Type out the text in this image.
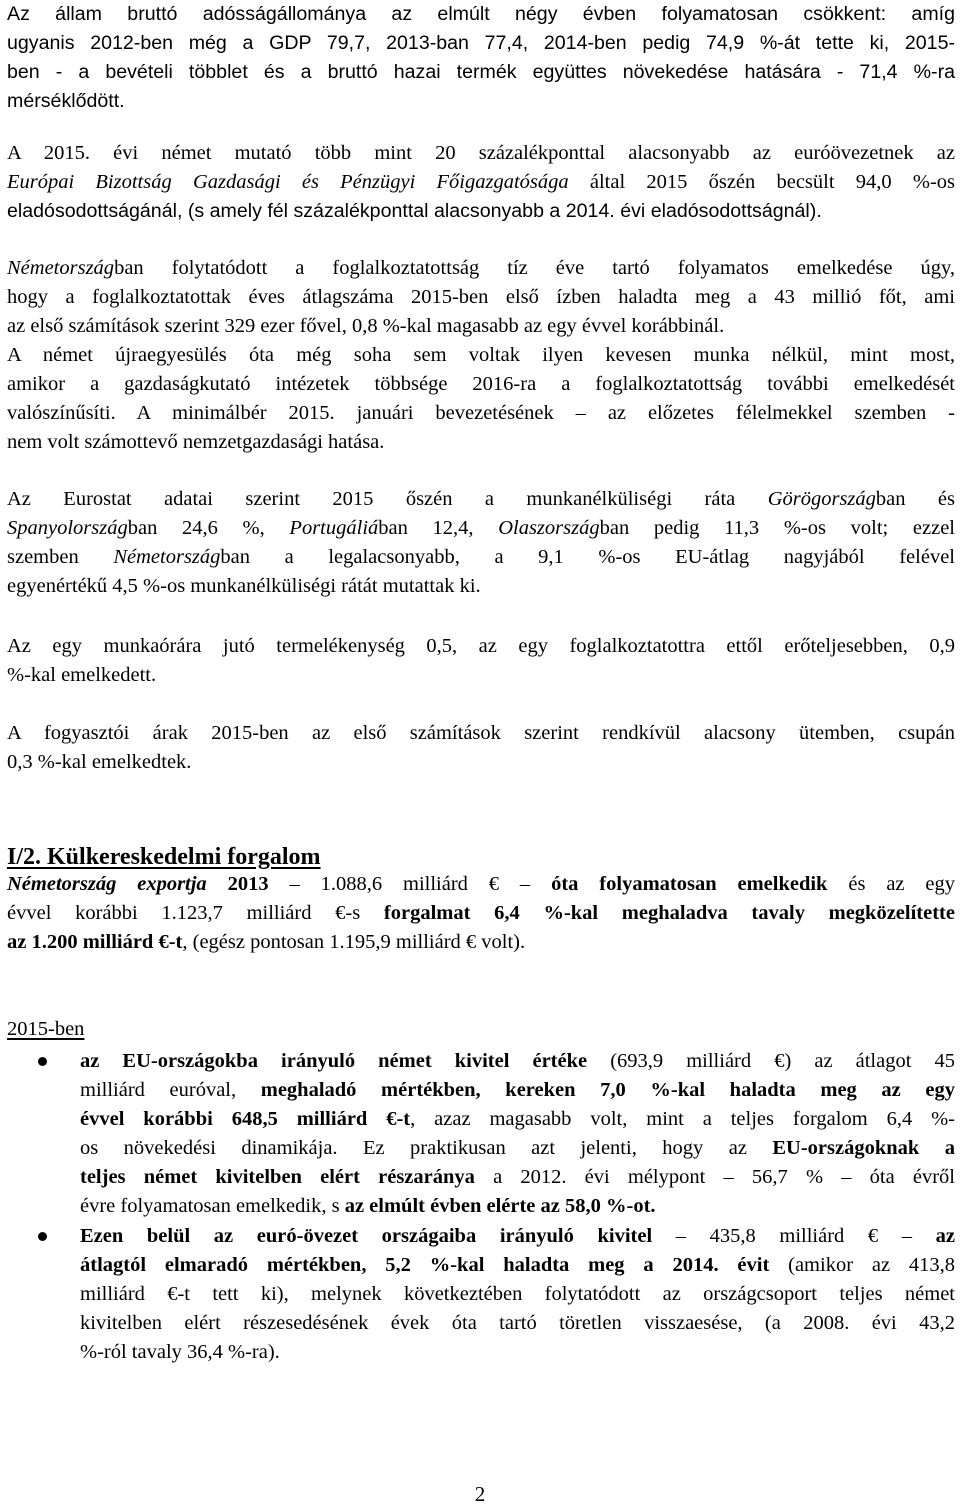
Az állam bruttó adósságállománya az elmúlt négy évben folyamatosan csökkent: amíg
ugyanis 2012-ben még a GDP 79,7, 2013-ban 77,4, 2014-ben pedig 74,9 %-át tette ki, 2015-
ben - a bevételi többlet és a bruttó hazai termék együttes növekedése hatására - 71,4 %-ra
mérséklődött.
A 2015. évi német mutató több mint 20 százalékponttal alacsonyabb az euróövezetnek az
Európai Bizottság Gazdasági és Pénzügyi Főigazgatósága által 2015 őszén becsült 94,0 %-os
eladósodottságánál, (s amely fél százalékponttal alacsonyabb a 2014. évi eladósodottságnál).
Németországban folytatódott a foglalkoztatottság tíz éve tartó folyamatos emelkedése úgy,
hogy a foglalkoztatottak éves átlagszáma 2015-ben első ízben haladta meg a 43 millió főt, ami
az első számítások szerint 329 ezer fővel, 0,8 %-kal magasabb az egy évvel korábbinál.
A német újraegyesülés óta még soha sem voltak ilyen kevesen munka nélkül, mint most,
amikor a gazdaságkutató intézetek többsége 2016-ra a foglalkoztatottság további emelkedését
valószínűsíti. A minimálbér 2015. januári bevezetésének – az előzetes félelmekkel szemben -
nem volt számottevő nemzetgazdasági hatása.
Az Eurostat adatai szerint 2015 őszén a munkanélküliségi ráta Görögországban és
Spanyolországban 24,6 %, Portugáliában 12,4, Olaszországban pedig 11,3 %-os volt; ezzel
szemben Németországban a legalacsonyabb, a 9,1 %-os EU-átlag nagyjából felével
egyenértékű 4,5 %-os munkanélküliségi rátát mutattak ki.
Az egy munkaórára jutó termelékenység 0,5, az egy foglalkoztatottra ettől erőteljesebben, 0,9
%-kal emelkedett.
A fogyasztói árak 2015-ben az első számítások szerint rendkívül alacsony ütemben, csupán
0,3 %-kal emelkedtek.
I/2. Külkereskedelmi forgalom
Németország exportja 2013 – 1.088,6 milliárd € – óta folyamatosan emelkedik és az egy
évvel korábbi 1.123,7 milliárd €-s forgalmat 6,4 %-kal meghaladva tavaly megközelítette
az 1.200 milliárd €-t, (egész pontosan 1.195,9 milliárd € volt).
2015-ben
az EU-országokba irányuló német kivitel értéke (693,9 milliárd €) az átlagot 45
milliárd euróval, meghaladó mértékben, kereken 7,0 %-kal haladta meg az egy
évvel korábbi 648,5 milliárd €-t, azaz magasabb volt, mint a teljes forgalom 6,4 %-
os növekedési dinamikája. Ez praktikusan azt jelenti, hogy az EU-országoknak a
teljes német kivitelben elért részaránya a 2012. évi mélypont – 56,7 % – óta évről
évre folyamatosan emelkedik, s az elmúlt évben elérte az 58,0 %-ot.
Ezen belül az euró-övezet országaiba irányuló kivitel – 435,8 milliárd € – az
átlagtól elmaradó mértékben, 5,2 %-kal haladta meg a 2014. évit (amikor az 413,8
milliárd €-t tett ki), melynek következtében folytatódott az országcsoport teljes német
kivitelben elért részesedésének évek óta tartó töretlen visszaesése, (a 2008. évi 43,2
%-ról tavaly 36,4 %-ra).
2
